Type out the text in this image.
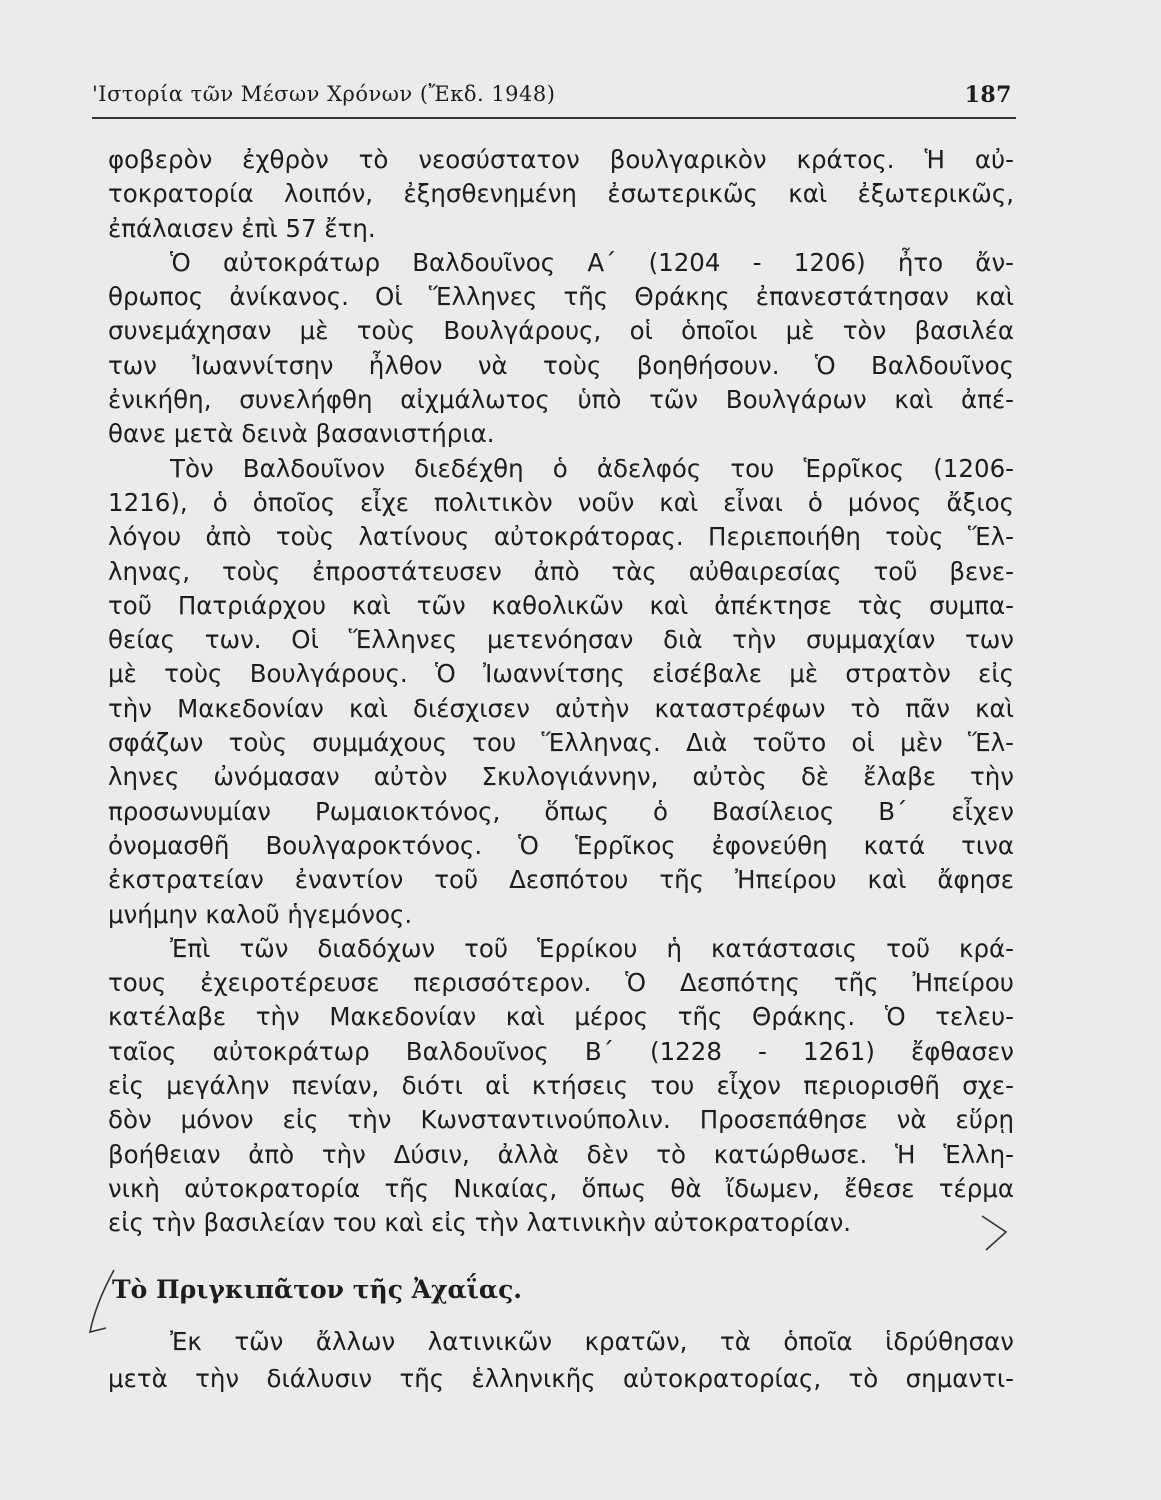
'Ιστορία τῶν Μέσων Χρόνων (Ἔκδ. 1948)	187

φοβερὸν ἐχθρὸν τὸ νεοσύστατον βουλγαρικὸν κράτος. Ἡ αὐ-
τοκρατορία λοιπόν, ἐξησθενημένη ἐσωτερικῶς καὶ ἐξωτερικῶς,
ἐπάλαισεν ἐπὶ 57 ἔτη.

Ὁ αὐτοκράτωρ Βαλδουῖνος Α΄ (1204 - 1206) ἦτο ἄν-
θρωπος ἀνίκανος. Οἱ Ἕλληνες τῆς Θράκης ἐπανεστάτησαν καὶ
συνεμάχησαν μὲ τοὺς Βουλγάρους, οἱ ὁποῖοι μὲ τὸν βασιλέα
των Ἰωαννίτσην ἦλθον νὰ τοὺς βοηθήσουν. Ὁ Βαλδουῖνος
ἐνικήθη, συνελήφθη αἰχμάλωτος ὑπὸ τῶν Βουλγάρων καὶ ἀπέ-
θανε μετὰ δεινὰ βασανιστήρια.

Τὸν Βαλδουῖνον διεδέχθη ὁ ἀδελφός του Ἑρρῖκος (1206-
1216), ὁ ὁποῖος εἶχε πολιτικὸν νοῦν καὶ εἶναι ὁ μόνος ἄξιος
λόγου ἀπὸ τοὺς λατίνους αὐτοκράτορας. Περιεποιήθη τοὺς Ἕλ-
ληνας, τοὺς ἐπροστάτευσεν ἀπὸ τὰς αὐθαιρεσίας τοῦ βενε-
τοῦ Πατριάρχου καὶ τῶν καθολικῶν καὶ ἀπέκτησε τὰς συμπα-
θείας των. Οἱ Ἕλληνες μετενόησαν διὰ τὴν συμμαχίαν των
μὲ τοὺς Βουλγάρους. Ὁ Ἰωαννίτσης εἰσέβαλε μὲ στρατὸν εἰς
τὴν Μακεδονίαν καὶ διέσχισεν αὐτὴν καταστρέφων τὸ πᾶν καὶ
σφάζων τοὺς συμμάχους του Ἕλληνας. Διὰ τοῦτο οἱ μὲν Ἕλ-
ληνες ὠνόμασαν αὐτὸν Σκυλογιάννην, αὐτὸς δὲ ἔλαβε τὴν
προσωνυμίαν Ρωμαιοκτόνος, ὅπως ὁ Βασίλειος Β΄ εἶχεν
ὀνομασθῆ Βουλγαροκτόνος. Ὁ Ἑρρῖκος ἐφονεύθη κατά τινα
ἐκστρατείαν ἐναντίον τοῦ Δεσπότου τῆς Ἠπείρου καὶ ἄφησε
μνήμην καλοῦ ἡγεμόνος.

Ἐπὶ τῶν διαδόχων τοῦ Ἑρρίκου ἡ κατάστασις τοῦ κρά-
τους ἐχειροτέρευσε περισσότερον. Ὁ Δεσπότης τῆς Ἠπείρου
κατέλαβε τὴν Μακεδονίαν καὶ μέρος τῆς Θράκης. Ὁ τελευ-
ταῖος αὐτοκράτωρ Βαλδουῖνος Β΄ (1228 - 1261) ἔφθασεν
εἰς μεγάλην πενίαν, διότι αἱ κτήσεις του εἶχον περιορισθῆ σχε-
δὸν μόνον εἰς τὴν Κωνσταντινούπολιν. Προσεπάθησε νὰ εὕρῃ
βοήθειαν ἀπὸ τὴν Δύσιν, ἀλλὰ δὲν τὸ κατώρθωσε. Ἡ Ἑλλη-
νικὴ αὐτοκρατορία τῆς Νικαίας, ὅπως θὰ ἴδωμεν, ἔθεσε τέρμα
εἰς τὴν βασιλείαν του καὶ εἰς τὴν λατινικὴν αὐτοκρατορίαν.

Τὸ Πριγκιπᾶτον τῆς Ἀχαΐας.

Ἐκ τῶν ἄλλων λατινικῶν κρατῶν, τὰ ὁποῖα ἱδρύθησαν
μετὰ τὴν διάλυσιν τῆς ἑλληνικῆς αὐτοκρατορίας, τὸ σημαντι-
